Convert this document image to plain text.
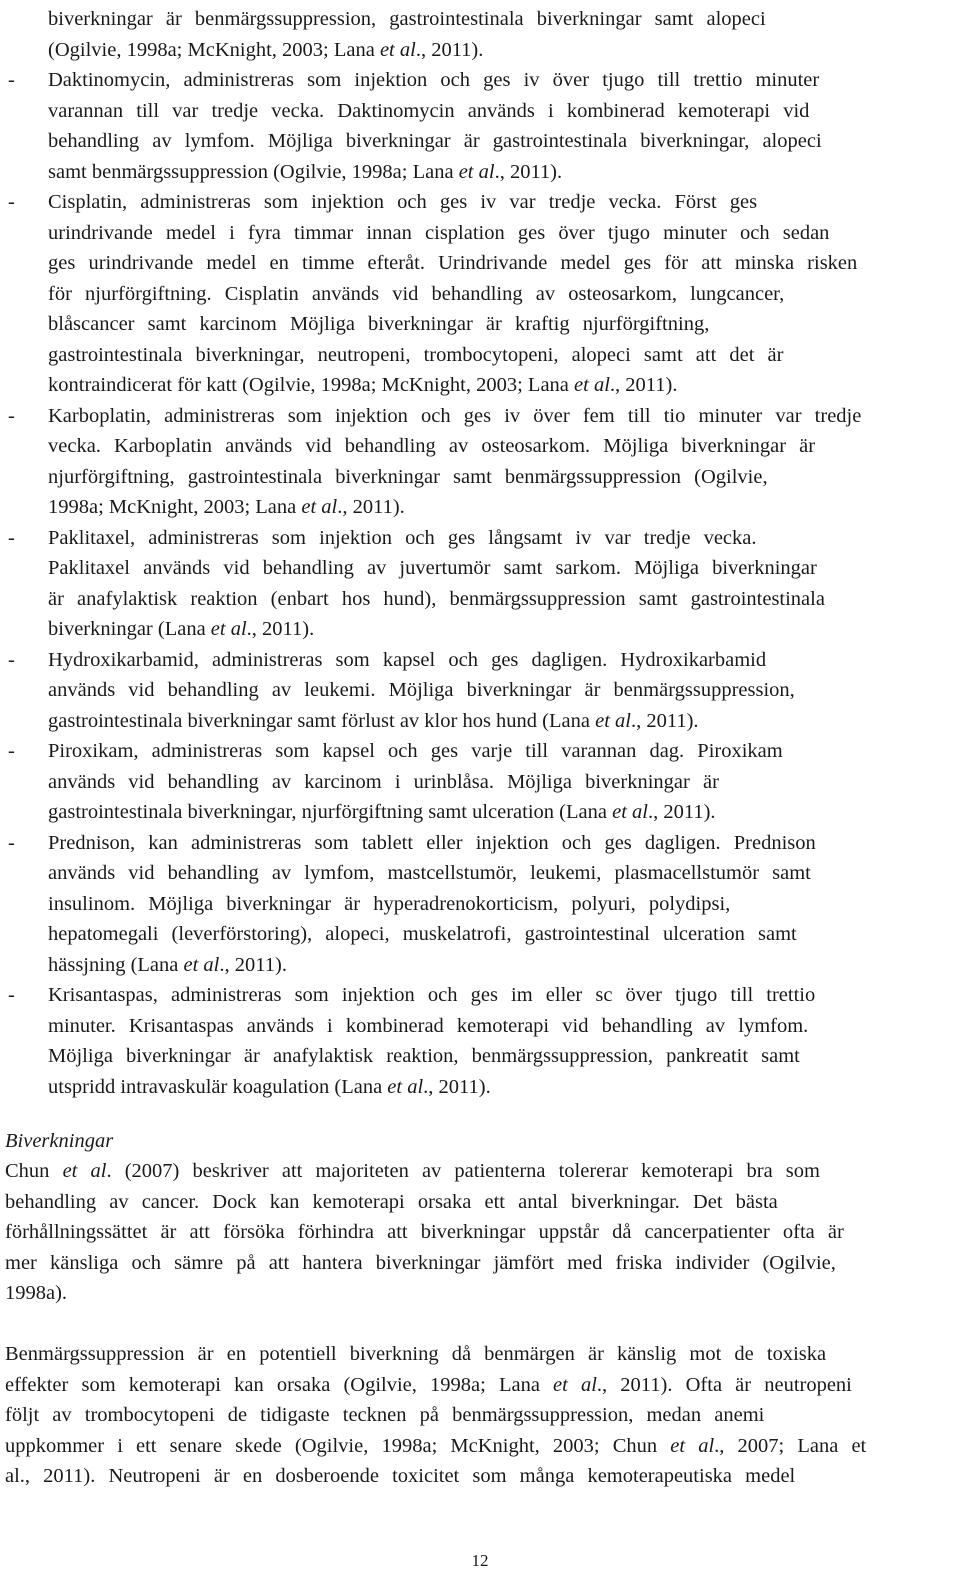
biverkningar är benmärgssuppression, gastrointestinala biverkningar samt alopeci
(Ogilvie, 1998a; McKnight, 2003; Lana et al., 2011).
- Daktinomycin, administreras som injektion och ges iv över tjugo till trettio minuter
varannan till var tredje vecka. Daktinomycin används i kombinerad kemoterapi vid
behandling av lymfom. Möjliga biverkningar är gastrointestinala biverkningar, alopeci
samt benmärgssuppression (Ogilvie, 1998a; Lana et al., 2011).
- Cisplatin, administreras som injektion och ges iv var tredje vecka. Först ges
urindrivande medel i fyra timmar innan cisplation ges över tjugo minuter och sedan
ges urindrivande medel en timme efteråt. Urindrivande medel ges för att minska risken
för njurförgiftning. Cisplatin används vid behandling av osteosarkom, lungcancer,
blåscancer samt karcinom Möjliga biverkningar är kraftig njurförgiftning,
gastrointestinala biverkningar, neutropeni, trombocytopeni, alopeci samt att det är
kontraindicerat för katt (Ogilvie, 1998a; McKnight, 2003; Lana et al., 2011).
- Karboplatin, administreras som injektion och ges iv över fem till tio minuter var tredje
vecka. Karboplatin används vid behandling av osteosarkom. Möjliga biverkningar är
njurförgiftning, gastrointestinala biverkningar samt benmärgssuppression (Ogilvie,
1998a; McKnight, 2003; Lana et al., 2011).
- Paklitaxel, administreras som injektion och ges långsamt iv var tredje vecka.
Paklitaxel används vid behandling av juvertumör samt sarkom. Möjliga biverkningar
är anafylaktisk reaktion (enbart hos hund), benmärgssuppression samt gastrointestinala
biverkningar (Lana et al., 2011).
- Hydroxikarbamid, administreras som kapsel och ges dagligen. Hydroxikarbamid
används vid behandling av leukemi. Möjliga biverkningar är benmärgssuppression,
gastrointestinala biverkningar samt förlust av klor hos hund (Lana et al., 2011).
- Piroxikam, administreras som kapsel och ges varje till varannan dag. Piroxikam
används vid behandling av karcinom i urinblåsa. Möjliga biverkningar är
gastrointestinala biverkningar, njurförgiftning samt ulceration (Lana et al., 2011).
- Prednison, kan administreras som tablett eller injektion och ges dagligen. Prednison
används vid behandling av lymfom, mastcellstumör, leukemi, plasmacellstumör samt
insulinom. Möjliga biverkningar är hyperadrenokorticism, polyuri, polydipsi,
hepatomegali (leverförstoring), alopeci, muskelatrofi, gastrointestinal ulceration samt
hässjning (Lana et al., 2011).
- Krisantaspas, administreras som injektion och ges im eller sc över tjugo till trettio
minuter. Krisantaspas används i kombinerad kemoterapi vid behandling av lymfom.
Möjliga biverkningar är anafylaktisk reaktion, benmärgssuppression, pankreatit samt
utspridd intravaskulär koagulation (Lana et al., 2011).
Biverkningar
Chun et al. (2007) beskriver att majoriteten av patienterna tolererar kemoterapi bra som
behandling av cancer. Dock kan kemoterapi orsaka ett antal biverkningar. Det bästa
förhållningssättet är att försöka förhindra att biverkningar uppstår då cancerpatienter ofta är
mer känsliga och sämre på att hantera biverkningar jämfört med friska individer (Ogilvie,
1998a).
Benmärgssuppression är en potentiell biverkning då benmärgen är känslig mot de toxiska
effekter som kemoterapi kan orsaka (Ogilvie, 1998a; Lana et al., 2011). Ofta är neutropeni
följt av trombocytopeni de tidigaste tecknen på benmärgssuppression, medan anemi
uppkommer i ett senare skede (Ogilvie, 1998a; McKnight, 2003; Chun et al., 2007; Lana et
al., 2011). Neutropeni är en dosberoende toxicitet som många kemoterapeutiska medel
12
